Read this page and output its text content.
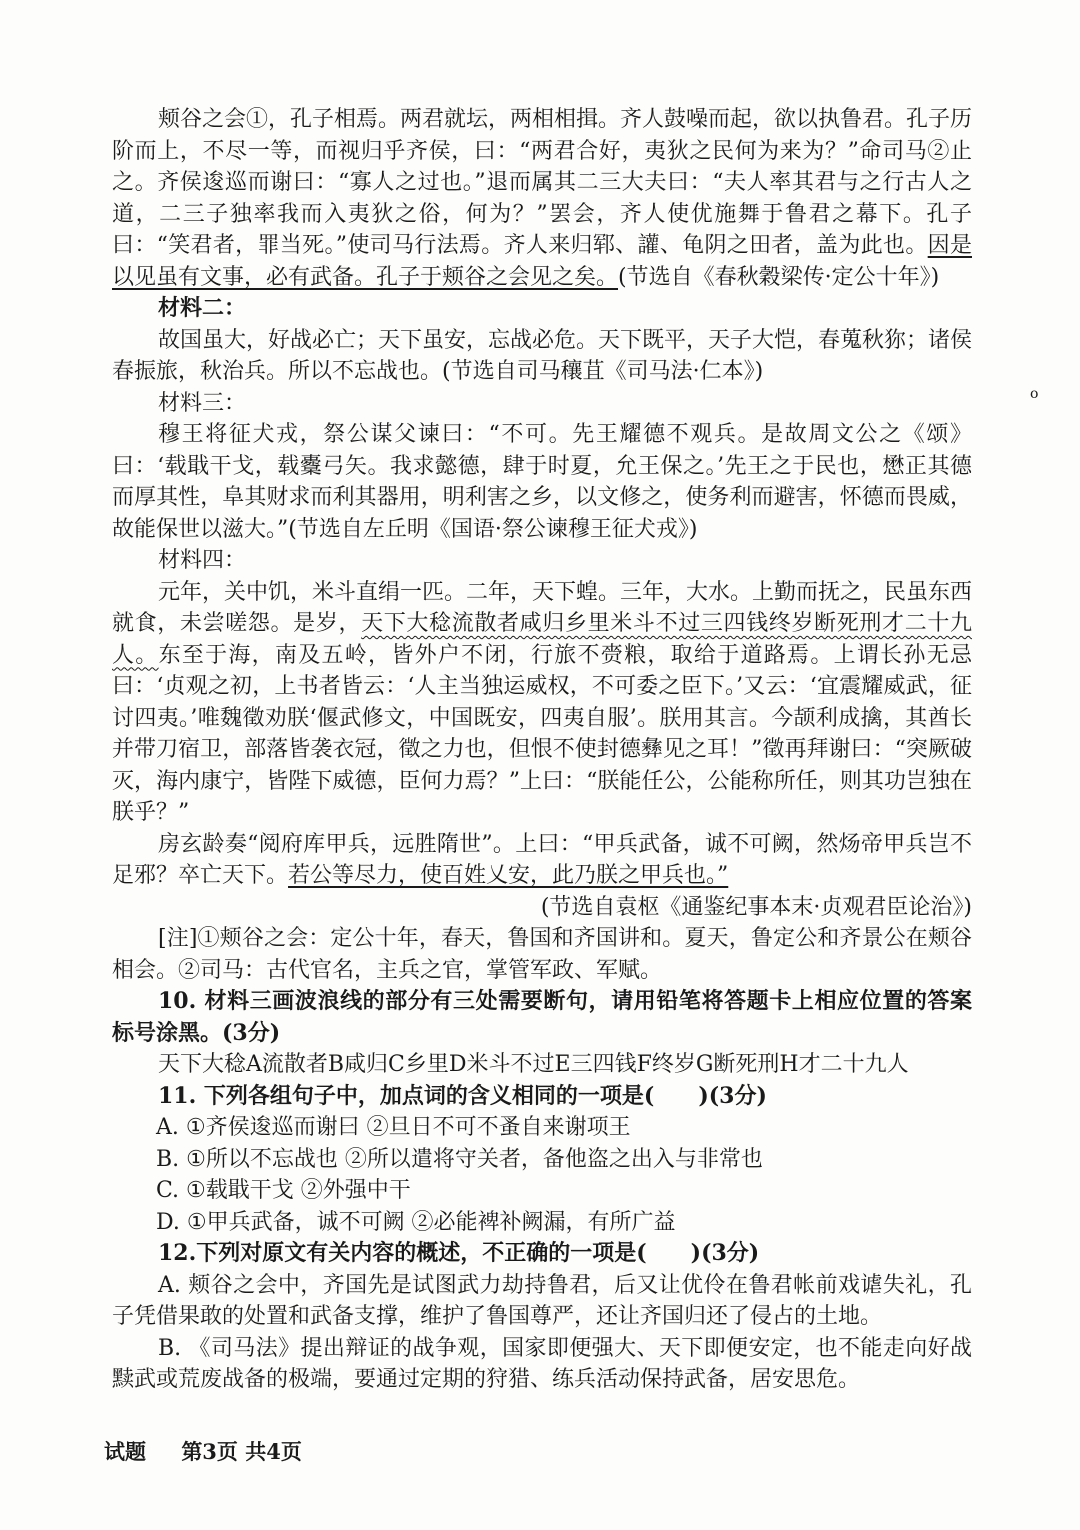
颊谷之会①，孔子相焉。两君就坛，两相相揖。齐人鼓噪而起，欲以执鲁君。孔子历阶而上，不尽一等，而视归乎齐侯，曰：“两君合好，夷狄之民何为来为？”命司马②止之。齐侯逡巡而谢曰：“寡人之过也。”退而属其二三大夫曰：“夫人率其君与之行古人之道，二三子独率我而入夷狄之俗，何为？”罢会，齐人使优施舞于鲁君之幕下。孔子曰：“笑君者，罪当死。”使司马行法焉。齐人来归郓、讙、龟阴之田者，盖为此也。因是以见虽有文事，必有武备。孔子于颊谷之会见之矣。(节选自《春秋穀梁传·定公十年》)

材料二：

故国虽大，好战必亡；天下虽安，忘战必危。天下既平，天子大恺，春蒐秋狝；诸侯春振旅，秋治兵。所以不忘战也。(节选自司马穰苴《司马法·仁本》)

材料三：

穆王将征犬戎，祭公谋父谏曰：“不可。先王耀德不观兵。是故周文公之《颂》曰：‘载戢干戈，载櫜弓矢。我求懿德，肆于时夏，允王保之。’先王之于民也，懋正其德而厚其性，阜其财求而利其器用，明利害之乡，以文修之，使务利而避害，怀德而畏威，故能保世以滋大。”(节选自左丘明《国语·祭公谏穆王征犬戎》)

材料四：

元年，关中饥，米斗直绢一匹。二年，天下蝗。三年，大水。上勤而抚之，民虽东西就食，未尝嗟怨。是岁，天下大稔流散者咸归乡里米斗不过三四钱终岁断死刑才二十九人。东至于海，南及五岭，皆外户不闭，行旅不赍粮，取给于道路焉。上谓长孙无忌曰：‘贞观之初，上书者皆云：‘人主当独运威权，不可委之臣下。’又云：‘宜震耀威武，征讨四夷。’唯魏徵劝朕‘偃武修文，中国既安，四夷自服’。朕用其言。今颉利成擒，其酋长并带刀宿卫，部落皆袭衣冠，徵之力也，但恨不使封德彝见之耳！”徵再拜谢曰：“突厥破灭，海内康宁，皆陛下威德，臣何力焉？”上曰：“朕能任公，公能称所任，则其功岂独在朕乎？”

房玄龄奏“阅府库甲兵，远胜隋世”。上曰：“甲兵武备，诚不可阙，然炀帝甲兵岂不足邪？卒亡天下。若公等尽力，使百姓乂安，此乃朕之甲兵也。”

(节选自袁枢《通鉴纪事本末·贞观君臣论治》)

[注]①颊谷之会：定公十年，春天，鲁国和齐国讲和。夏天，鲁定公和齐景公在颊谷相会。②司马：古代官名，主兵之官，掌管军政、军赋。

10. 材料三画波浪线的部分有三处需要断句，请用铅笔将答题卡上相应位置的答案标号涂黑。(3分)

天下大稔A流散者B咸归C乡里D米斗不过E三四钱F终岁G断死刑H才二十九人

11. 下列各组句子中，加点词的含义相同的一项是(　　)(3分)

A. ①齐侯逡巡而谢曰 ②旦日不可不蚤自来谢项王

B. ①所以不忘战也 ②所以遣将守关者，备他盗之出入与非常也

C. ①载戢干戈 ②外强中干

D. ①甲兵武备，诚不可阙 ②必能裨补阙漏，有所广益

12.下列对原文有关内容的概述，不正确的一项是(　　)(3分)

A. 颊谷之会中，齐国先是试图武力劫持鲁君，后又让优伶在鲁君帐前戏谑失礼，孔子凭借果敢的处置和武备支撑，维护了鲁国尊严，还让齐国归还了侵占的土地。

B. 《司马法》提出辩证的战争观，国家即便强大、天下即便安定，也不能走向好战黩武或荒废战备的极端，要通过定期的狩猎、练兵活动保持武备，居安思危。

o
试题 第3页 共4页
